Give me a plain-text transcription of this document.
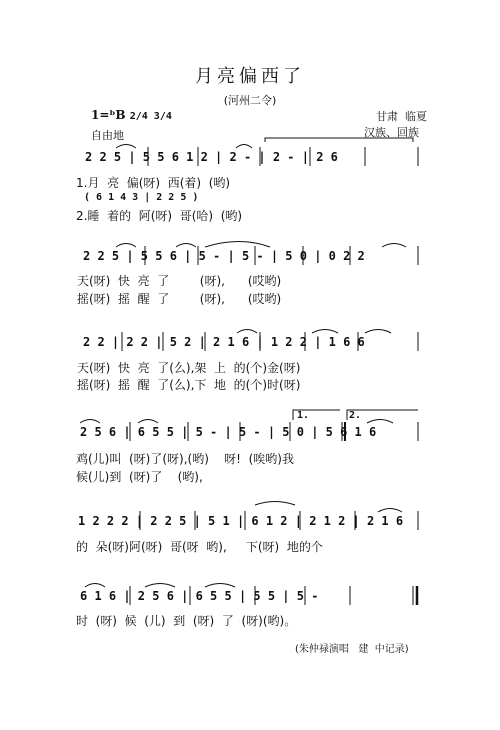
月亮偏西了
(河州二令)
1=ᵇB 2/4 3/4
自由地
甘肃  临夏
汉族、回族
2 2 5 | 5 5 6 1 2 | 2 - | 2 - | 2 6
1.月  亮  偏(呀)  西(着)  (哟)
( 6 1 4 3 | 2 2 5 )
2.睡  着的  阿(呀)  哥(哈)  (哟)
2 2 5 | 5 5 6 | 5 - | 5 - | 5 0 | 0 2 2
天(呀)  快  亮  了        (呀),      (哎哟)
摇(呀)  摇  醒  了        (呀),      (哎哟)
2 2 | 2 2 | 5 2 | 2 1 6 | 1 2 2 | 1 6 6
天(呀)  快  亮  了(么),架  上  的(个)金(呀)
摇(呀)  摇  醒  了(么),下  地  的(个)时(呀)
1.	2.
2 5 6 | 6 5 5 | 5 - | 5 - | 5 0 | 5 6 1 6
鸡(儿)叫  (呀)了(呀),(哟)    呀!  (唉哟)我
候(儿)到  (呀)了    (哟),
1 2 2 2 | 2 2 5 | 5 1 | 6 1 2 | 2 1 2 | 2 1 6
的  朵(呀)阿(呀)  哥(呀  哟),     下(呀)  地的个
6 1 6 | 2 5 6 | 6 5 5 | 5 5 | 5 -
时  (呀)  候  (儿)  到  (呀)  了  (呀)(哟)。
(朱仲禄演唱   建  中记录)
